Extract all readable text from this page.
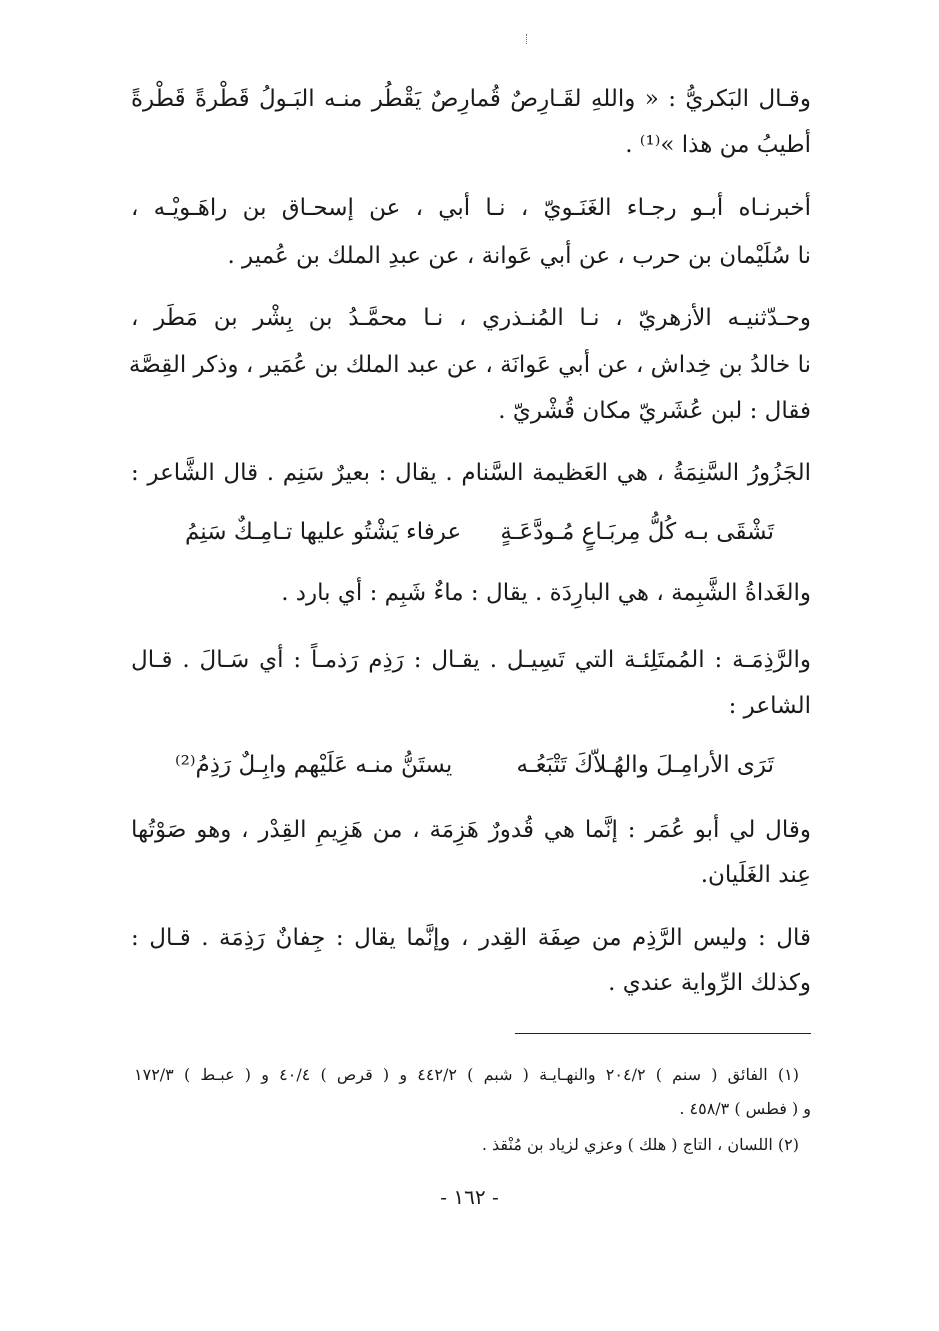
وقـال البَكريُّ : « واللهِ لقَـارِصٌ قُمارِصٌ يَقْطُر منـه البَـولُ قَطْرةً قَطْرةً
أطيبُ من هذا »⁽¹⁾ .
أخبرنـاه أبـو رجـاء الغَنَـويّ ، نـا أبي ، عن إسحـاق بن راهَـويْـه ،
نا سُلَيْمان بن حرب ، عن أبي عَوانة ، عن عبدِ الملك بن عُمير .
وحـدّثنيـه الأزهريّ ، نـا المُنـذري ، نـا محمَّـدُ بن بِشْر بن مَطَر ،
نا خالدُ بن خِداش ، عن أبي عَوانَة ، عن عبد الملك بن عُمَير ، وذكر القِصَّة
فقال : لبن عُشَريّ مكان قُشْريّ .
الجَزُورُ السَّنِمَةُ ، هي العَظيمة السَّنام . يقال : بعيرٌ سَنِم . قال الشَّاعر :
تَشْقَى بـه كُلُّ مِربَـاعٍ مُـودَّعَـةٍ
عرفاء يَشْتُو عليها تـامِـكٌ سَنِمُ
والغَداةُ الشَّبِمة ، هي البارِدَة . يقال : ماءٌ شَبِم : أي بارد .
والرَّذِمَـة : المُمتَلِئـة التي تَسِيـل . يقـال : رَذِم رَذمـاً : أي سَـالَ . قـال
الشاعر :
تَرَى الأرامِـلَ والهُـلاّكَ تَتْبَعُـه
يستَنُّ منـه عَلَيْهم وابِـلٌ رَذِمُ⁽²⁾
وقال لي أبو عُمَر : إنَّما هي قُدورٌ هَزِمَة ، من هَزِيمِ القِدْر ، وهو صَوْتُها
عِند الغَلَيان.
قال : وليس الرَّذِم من صِفَة القِدر ، وإنَّما يقال : جِفانٌ رَذِمَة . قـال :
وكذلك الرِّواية عندي .
(١) الفائق ( سنم ) ٢٠٤/٢ والنهـايـة ( شبم ) ٤٤٢/٢ و ( قرص ) ٤٠/٤ و ( عبـط ) ١٧٢/٣
و ( فطس ) ٤٥٨/٣ .
(٢) اللسان ، التاج ( هلك ) وعزي لزياد بن مُنْقذ .
- ١٦٢ -
